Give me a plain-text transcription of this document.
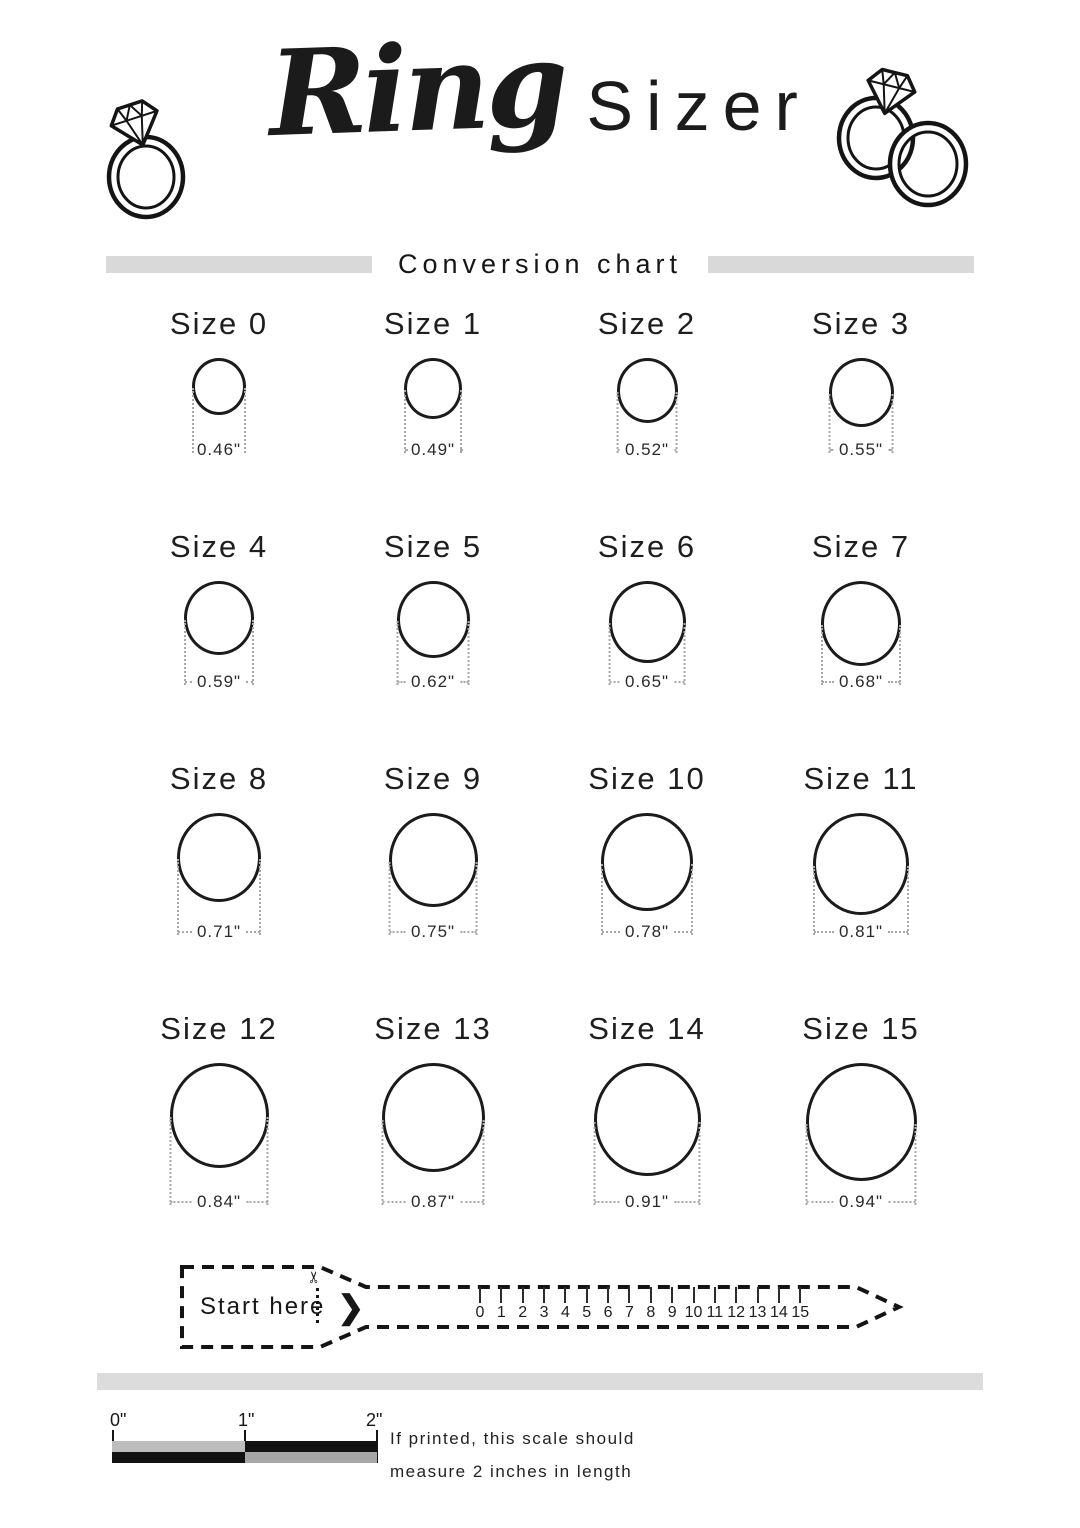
Ring Sizer
Conversion chart
Size 0
0.46"
Size 1
0.49"
Size 2
0.52"
Size 3
0.55"
Size 4
0.59"
Size 5
0.62"
Size 6
0.65"
Size 7
0.68"
Size 8
0.71"
Size 9
0.75"
Size 10
0.78"
Size 11
0.81"
Size 12
0.84"
Size 13
0.87"
Size 14
0.91"
Size 15
0.94"
Start here ❯
✂
0 1 2 3 4 5 6 7 8 9 10 11 12 13 14 15
0"	1"	2"
If printed, this scale should
measure 2 inches in length
